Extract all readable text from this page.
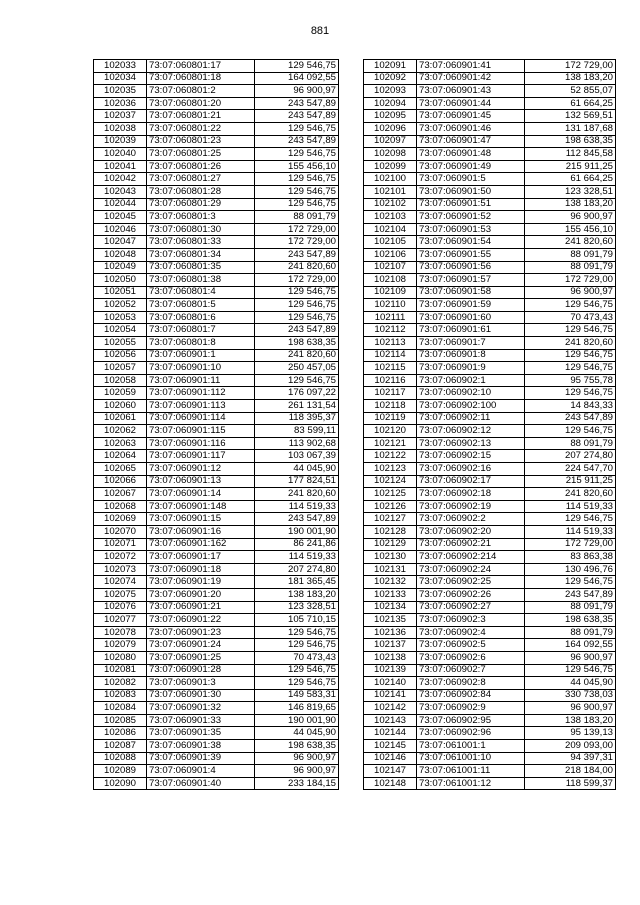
881
102033	73:07:060801:17	129 546,75
102034	73:07:060801:18	164 092,55
102035	73:07:060801:2	96 900,97
102036	73:07:060801:20	243 547,89
102037	73:07:060801:21	243 547,89
102038	73:07:060801:22	129 546,75
102039	73:07:060801:23	243 547,89
102040	73:07:060801:25	129 546,75
102041	73:07:060801:26	155 456,10
102042	73:07:060801:27	129 546,75
102043	73:07:060801:28	129 546,75
102044	73:07:060801:29	129 546,75
102045	73:07:060801:3	88 091,79
102046	73:07:060801:30	172 729,00
102047	73:07:060801:33	172 729,00
102048	73:07:060801:34	243 547,89
102049	73:07:060801:35	241 820,60
102050	73:07:060801:38	172 729,00
102051	73:07:060801:4	129 546,75
102052	73:07:060801:5	129 546,75
102053	73:07:060801:6	129 546,75
102054	73:07:060801:7	243 547,89
102055	73:07:060801:8	198 638,35
102056	73:07:060901:1	241 820,60
102057	73:07:060901:10	250 457,05
102058	73:07:060901:11	129 546,75
102059	73:07:060901:112	176 097,22
102060	73:07:060901:113	261 131,54
102061	73:07:060901:114	118 395,37
102062	73:07:060901:115	83 599,11
102063	73:07:060901:116	113 902,68
102064	73:07:060901:117	103 067,39
102065	73:07:060901:12	44 045,90
102066	73:07:060901:13	177 824,51
102067	73:07:060901:14	241 820,60
102068	73:07:060901:148	114 519,33
102069	73:07:060901:15	243 547,89
102070	73:07:060901:16	190 001,90
102071	73:07:060901:162	86 241,86
102072	73:07:060901:17	114 519,33
102073	73:07:060901:18	207 274,80
102074	73:07:060901:19	181 365,45
102075	73:07:060901:20	138 183,20
102076	73:07:060901:21	123 328,51
102077	73:07:060901:22	105 710,15
102078	73:07:060901:23	129 546,75
102079	73:07:060901:24	129 546,75
102080	73:07:060901:25	70 473,43
102081	73:07:060901:28	129 546,75
102082	73:07:060901:3	129 546,75
102083	73:07:060901:30	149 583,31
102084	73:07:060901:32	146 819,65
102085	73:07:060901:33	190 001,90
102086	73:07:060901:35	44 045,90
102087	73:07:060901:38	198 638,35
102088	73:07:060901:39	96 900,97
102089	73:07:060901:4	96 900,97
102090	73:07:060901:40	233 184,15
102091	73:07:060901:41	172 729,00
102092	73:07:060901:42	138 183,20
102093	73:07:060901:43	52 855,07
102094	73:07:060901:44	61 664,25
102095	73:07:060901:45	132 569,51
102096	73:07:060901:46	131 187,68
102097	73:07:060901:47	198 638,35
102098	73:07:060901:48	112 845,58
102099	73:07:060901:49	215 911,25
102100	73:07:060901:5	61 664,25
102101	73:07:060901:50	123 328,51
102102	73:07:060901:51	138 183,20
102103	73:07:060901:52	96 900,97
102104	73:07:060901:53	155 456,10
102105	73:07:060901:54	241 820,60
102106	73:07:060901:55	88 091,79
102107	73:07:060901:56	88 091,79
102108	73:07:060901:57	172 729,00
102109	73:07:060901:58	96 900,97
102110	73:07:060901:59	129 546,75
102111	73:07:060901:60	70 473,43
102112	73:07:060901:61	129 546,75
102113	73:07:060901:7	241 820,60
102114	73:07:060901:8	129 546,75
102115	73:07:060901:9	129 546,75
102116	73:07:060902:1	95 755,78
102117	73:07:060902:10	129 546,75
102118	73:07:060902:100	14 843,33
102119	73:07:060902:11	243 547,89
102120	73:07:060902:12	129 546,75
102121	73:07:060902:13	88 091,79
102122	73:07:060902:15	207 274,80
102123	73:07:060902:16	224 547,70
102124	73:07:060902:17	215 911,25
102125	73:07:060902:18	241 820,60
102126	73:07:060902:19	114 519,33
102127	73:07:060902:2	129 546,75
102128	73:07:060902:20	114 519,33
102129	73:07:060902:21	172 729,00
102130	73:07:060902:214	83 863,38
102131	73:07:060902:24	130 496,76
102132	73:07:060902:25	129 546,75
102133	73:07:060902:26	243 547,89
102134	73:07:060902:27	88 091,79
102135	73:07:060902:3	198 638,35
102136	73:07:060902:4	88 091,79
102137	73:07:060902:5	164 092,55
102138	73:07:060902:6	96 900,97
102139	73:07:060902:7	129 546,75
102140	73:07:060902:8	44 045,90
102141	73:07:060902:84	330 738,03
102142	73:07:060902:9	96 900,97
102143	73:07:060902:95	138 183,20
102144	73:07:060902:96	95 139,13
102145	73:07:061001:1	209 093,00
102146	73:07:061001:10	94 397,31
102147	73:07:061001:11	218 184,00
102148	73:07:061001:12	118 599,37
